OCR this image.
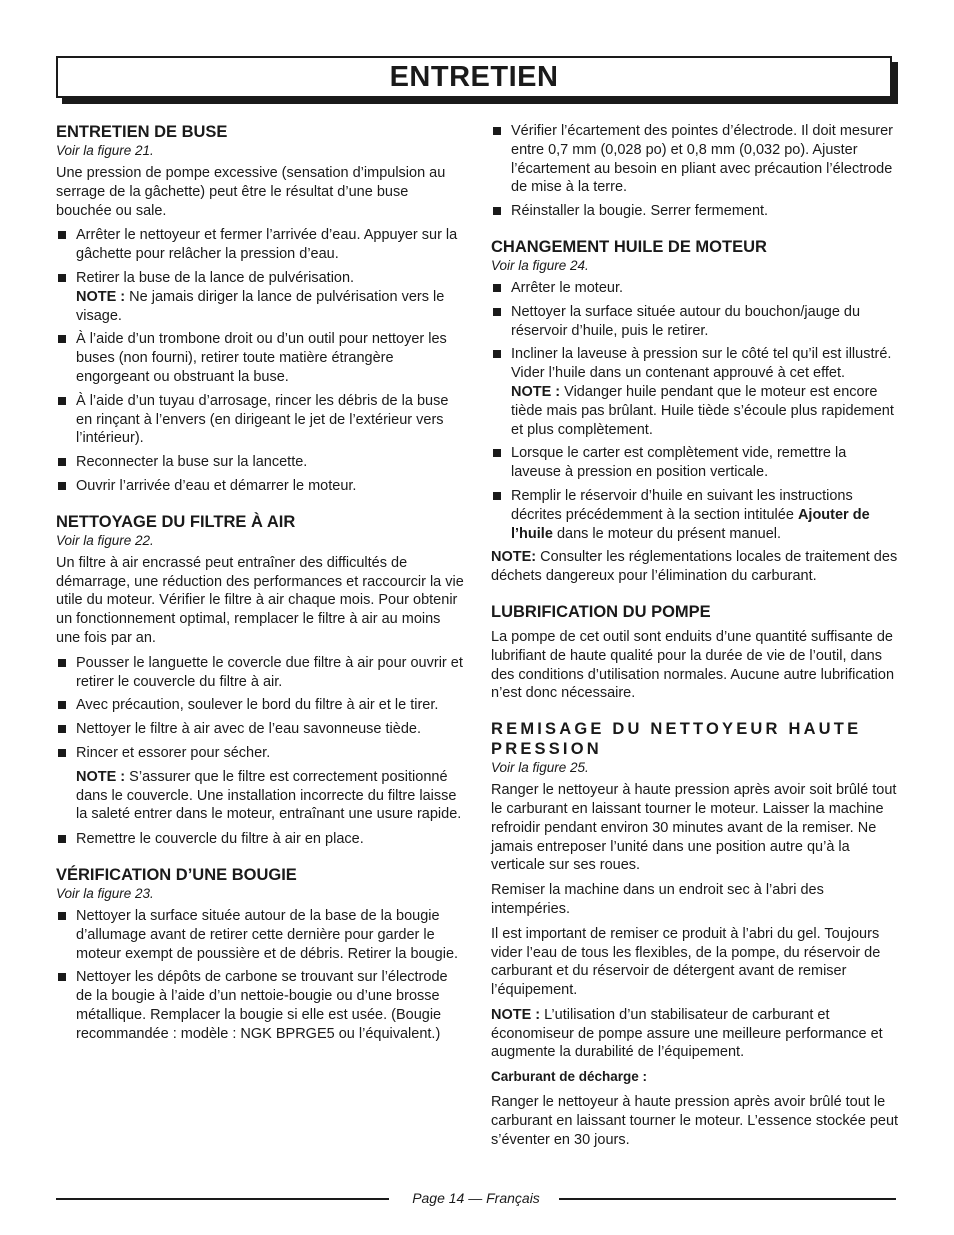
ENTRETIEN
ENTRETIEN DE BUSE
Voir la figure 21.

Une pression de pompe excessive (sensation d’impulsion au serrage de la gâchette) peut être le résultat d’une buse bouchée ou sale.

Arrêter le nettoyeur et fermer l’arrivée d’eau. Appuyer sur la gâchette pour relâcher la pression d’eau.
Retirer la buse de la lance de pulvérisation.
NOTE : Ne jamais diriger la lance de pulvérisation vers le visage.
À l’aide d’un trombone droit ou d’un outil pour nettoyer les buses (non fourni), retirer toute matière étrangère engorgeant ou obstruant la buse.
À l’aide d’un tuyau d’arrosage, rincer les débris de la buse en rinçant à l’envers (en dirigeant le jet de l’extérieur vers l’intérieur).
Reconnecter la buse sur la lancette.
Ouvrir l’arrivée d’eau et démarrer le moteur.
NETTOYAGE DU FILTRE À AIR
Voir la figure 22.

Un filtre à air encrassé peut entraîner des difficultés de démarrage, une réduction des performances et raccourcir la vie utile du moteur. Vérifier le filtre à air chaque mois. Pour obtenir un fonctionnement optimal, remplacer le filtre à air au moins une fois par an.

Pousser le languette le covercle due filtre à air pour ouvrir et retirer le couvercle du filtre à air.
Avec précaution, soulever le bord du filtre à air et le tirer.
Nettoyer le filtre à air avec de l’eau savonneuse tiède.
Rincer et essorer pour sécher.

NOTE : S’assurer que le filtre est correctement positionné dans le couvercle. Une installation incorrecte du filtre laisse la saleté entrer dans le moteur, entraînant une usure rapide.

Remettre le couvercle du filtre à air en place.
VÉRIFICATION D’UNE BOUGIE
Voir la figure 23.
Nettoyer la surface située autour de la base de la bougie d’allumage avant de retirer cette dernière pour garder le moteur exempt de poussière et de débris. Retirer la bougie.
Nettoyer les dépôts de carbone se trouvant sur l’électrode de la bougie à l’aide d’un nettoie-bougie ou d’une brosse métallique. Remplacer la bougie si elle est usée. (Bougie recommandée : modèle : NGK BPRGE5 ou l’équivalent.)
Vérifier l’écartement des pointes d’électrode. Il doit mesurer entre 0,7 mm (0,028 po) et 0,8 mm (0,032 po). Ajuster l’écartement au besoin en pliant avec précaution l’électrode de mise à la terre.
Réinstaller la bougie. Serrer fermement.
CHANGEMENT HUILE DE MOTEUR
Voir la figure 24.
Arrêter le moteur.
Nettoyer la surface située autour du bouchon/jauge du réservoir d’huile, puis le retirer.
Incliner la laveuse à pression sur le côté tel qu’il est illustré. Vider l’huile dans un contenant approuvé à cet effet.
NOTE : Vidanger huile pendant que le moteur est encore tiède mais pas brûlant. Huile tiède s’écoule plus rapidement et plus complètement.
Lorsque le carter est complètement vide, remettre la laveuse à pression en position verticale.
Remplir le réservoir d’huile en suivant les instructions décrites précédemment à la section intitulée Ajouter de l’huile dans le moteur du présent manuel.

NOTE: Consulter les réglementations locales de traitement des déchets dangereux pour l’élimination du carburant.

LUBRIFICATION DU POMPE

La pompe de cet outil sont enduits d’une quantité suffisante de lubrifiant de haute qualité pour la durée de vie de l’outil, dans des conditions d’utilisation normales. Aucune autre lubrification n’est donc nécessaire.

REMISAGE DU NETTOYEUR HAUTE PRESSION
Voir la figure 25.

Ranger le nettoyeur à haute pression après avoir soit brûlé tout le carburant en laissant tourner le moteur. Laisser la machine refroidir pendant environ 30 minutes avant de la remiser. Ne jamais entreposer l’unité dans une position autre qu’à la verticale sur ses roues.

Remiser la machine dans un endroit sec à l’abri des intempéries.

Il est important de remiser ce produit à l’abri du gel. Toujours vider l’eau de tous les flexibles, de la pompe, du réservoir de carburant et du réservoir de détergent avant de remiser l’équipement.

NOTE : L’utilisation d’un stabilisateur de carburant et économiseur de pompe assure une meilleure performance et augmente la durabilité de l’équipement.

Carburant de décharge :

Ranger le nettoyeur à haute pression après avoir brûlé tout le carburant en laissant tourner le moteur. L’essence stockée peut s’éventer en 30 jours.

Page 14 — Français
